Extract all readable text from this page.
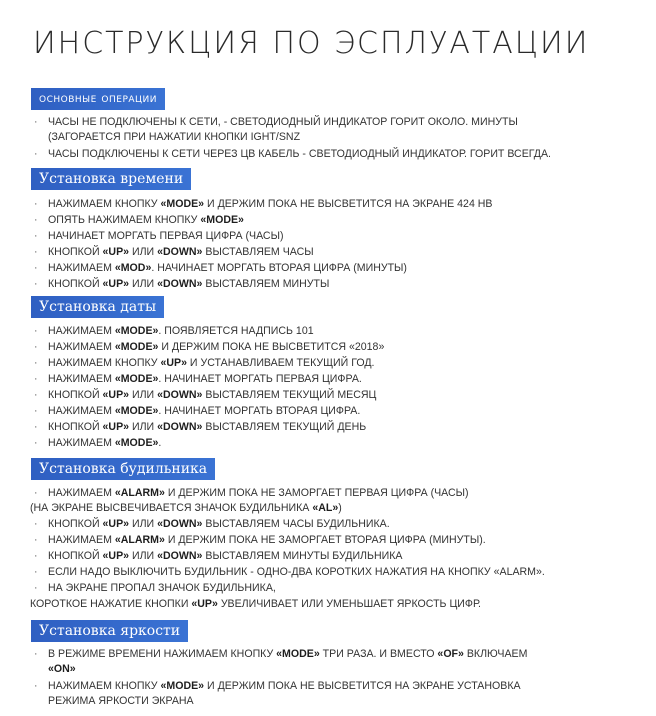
ИНСТРУКЦИЯ ПО ЭСПЛУАТАЦИИ
основные операции
· ЧАСЫ НЕ ПОДКЛЮЧЕНЫ К СЕТИ, - СВЕТОДИОДНЫЙ ИНДИКАТОР ГОРИТ ОКОЛО. МИНУТЫ
(ЗАГОРАЕТСЯ ПРИ НАЖАТИИ КНОПКИ IGHT/SNZ
· ЧАСЫ ПОДКЛЮЧЕНЫ К СЕТИ ЧЕРЕЗ ЦВ КАБЕЛЬ - СВЕТОДИОДНЫЙ ИНДИКАТОР. ГОРИТ ВСЕГДА.
Установка времени
· НАЖИМАЕМ КНОПКУ «MODE» И ДЕРЖИМ ПОКА НЕ ВЫСВЕТИТСЯ НА ЭКРАНЕ 424 НВ
· ОПЯТЬ НАЖИМАЕМ КНОПКУ «MODE»
· НАЧИНАЕТ МОРГАТЬ ПЕРВАЯ ЦИФРА (ЧАСЫ)
· КНОПКОЙ «UP» ИЛИ «DOWN» ВЫСТАВЛЯЕМ ЧАСЫ
· НАЖИМАЕМ «MOD». НАЧИНАЕТ МОРГАТЬ ВТОРАЯ ЦИФРА (МИНУТЫ)
· КНОПКОЙ «UP» ИЛИ «DOWN» ВЫСТАВЛЯЕМ МИНУТЫ
Установка даты
· НАЖИМАЕМ «MODE». ПОЯВЛЯЕТСЯ НАДПИСЬ 101
· НАЖИМАЕМ «MODE» И ДЕРЖИМ ПОКА НЕ ВЫСВЕТИТСЯ «2018»
· НАЖИМАЕМ КНОПКУ «UP» И УСТАНАВЛИВАЕМ ТЕКУЩИЙ ГОД.
· НАЖИМАЕМ «MODE». НАЧИНАЕТ МОРГАТЬ ПЕРВАЯ ЦИФРА.
· КНОПКОЙ «UP» ИЛИ «DOWN» ВЫСТАВЛЯЕМ ТЕКУЩИЙ МЕСЯЦ
· НАЖИМАЕМ «MODE». НАЧИНАЕТ МОРГАТЬ ВТОРАЯ ЦИФРА.
· КНОПКОЙ «UP» ИЛИ «DOWN» ВЫСТАВЛЯЕМ ТЕКУЩИЙ ДЕНЬ
· НАЖИМАЕМ «MODE».
Установка будильника
· НАЖИМАЕМ «ALARM» И ДЕРЖИМ ПОКА НЕ ЗАМОРГАЕТ ПЕРВАЯ ЦИФРА (ЧАСЫ)
(НА ЭКРАНЕ ВЫСВЕЧИВАЕТСЯ ЗНАЧОК БУДИЛЬНИКА «AL»)
· КНОПКОЙ «UP» ИЛИ «DOWN» ВЫСТАВЛЯЕМ ЧАСЫ БУДИЛЬНИКА.
· НАЖИМАЕМ «ALARM» И ДЕРЖИМ ПОКА НЕ ЗАМОРГАЕТ ВТОРАЯ ЦИФРА (МИНУТЫ).
· КНОПКОЙ «UP» ИЛИ «DOWN» ВЫСТАВЛЯЕМ МИНУТЫ БУДИЛЬНИКА
· ЕСЛИ НАДО ВЫКЛЮЧИТЬ БУДИЛЬНИК - ОДНО-ДВА КОРОТКИХ НАЖАТИЯ НА КНОПКУ «ALARM».
· НА ЭКРАНЕ ПРОПАЛ ЗНАЧОК БУДИЛЬНИКА,
КОРОТКОЕ НАЖАТИЕ КНОПКИ «UP» УВЕЛИЧИВАЕТ ИЛИ УМЕНЬШАЕТ ЯРКОСТЬ ЦИФР.
Установка яркости
· В РЕЖИМЕ ВРЕМЕНИ НАЖИМАЕМ КНОПКУ «MODE» ТРИ РАЗА. И ВМЕСТО «OF» ВКЛЮЧАЕМ
«ON»
· НАЖИМАЕМ КНОПКУ «MODE» И ДЕРЖИМ ПОКА НЕ ВЫСВЕТИТСЯ НА ЭКРАНЕ УСТАНОВКА
РЕЖИМА ЯРКОСТИ ЭКРАНА
